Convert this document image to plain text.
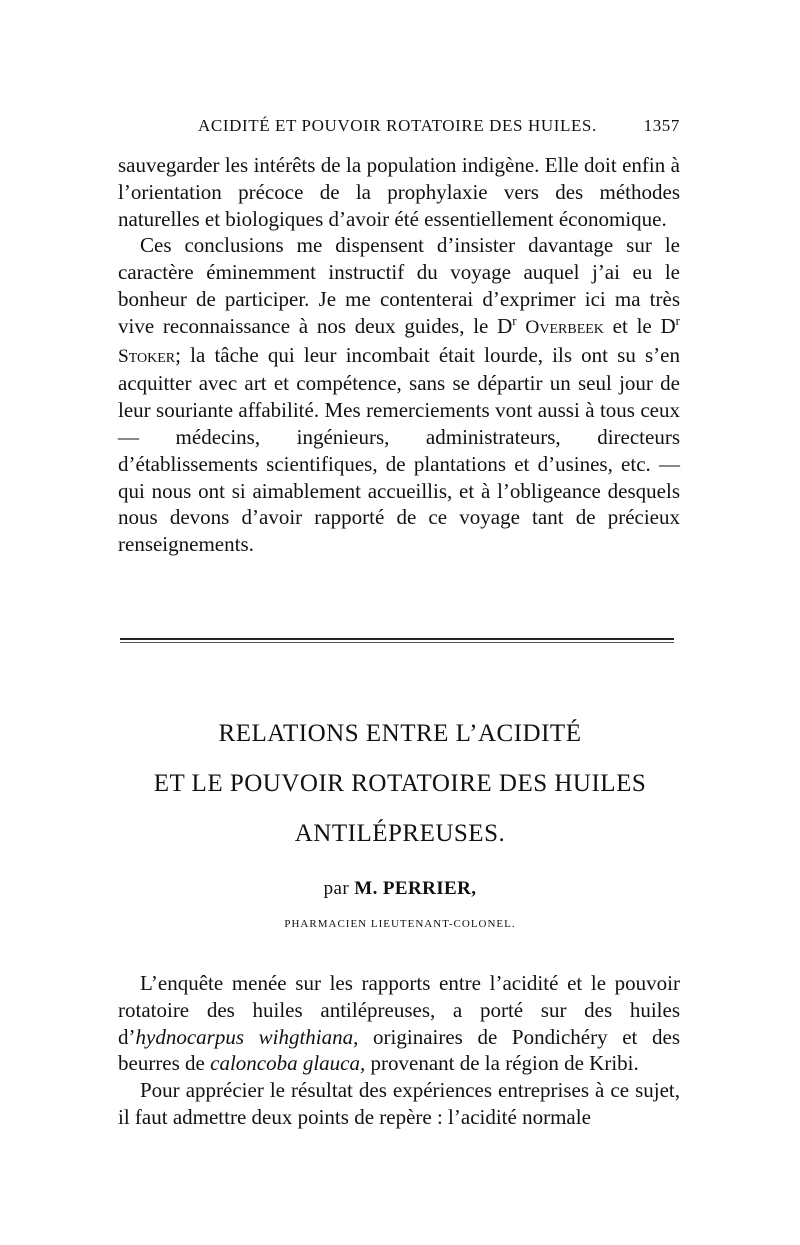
ACIDITÉ ET POUVOIR ROTATOIRE DES HUILES.	1357

sauvegarder les intérêts de la population indigène. Elle doit enfin à l’orientation précoce de la prophylaxie vers des méthodes naturelles et biologiques d’avoir été essentiellement économique.

Ces conclusions me dispensent d’insister davantage sur le caractère éminemment instructif du voyage auquel j’ai eu le bonheur de participer. Je me contenterai d’exprimer ici ma très vive reconnaissance à nos deux guides, le $D^r$ Overbeek et le $D^r$ Stoker; la tâche qui leur incombait était lourde, ils ont su s’en acquitter avec art et compétence, sans se départir un seul jour de leur souriante affabilité. Mes remerciements vont aussi à tous ceux — médecins, ingénieurs, administrateurs, directeurs d’établissements scientifiques, de plantations et d’usines, etc. — qui nous ont si aimablement accueillis, et à l’obligeance desquels nous devons d’avoir rapporté de ce voyage tant de précieux renseignements.

RELATIONS ENTRE L’ACIDITÉ
ET LE POUVOIR ROTATOIRE DES HUILES
ANTILÉPREUSES.
par M. PERRIER,
PHARMACIEN LIEUTENANT-COLONEL.

L’enquête menée sur les rapports entre l’acidité et le pouvoir rotatoire des huiles antilépreuses, a porté sur des huiles d’hydnocarpus wihgthiana, originaires de Pondichéry et des beurres de caloncoba glauca, provenant de la région de Kribi.

Pour apprécier le résultat des expériences entreprises à ce sujet, il faut admettre deux points de repère : l’acidité normale
